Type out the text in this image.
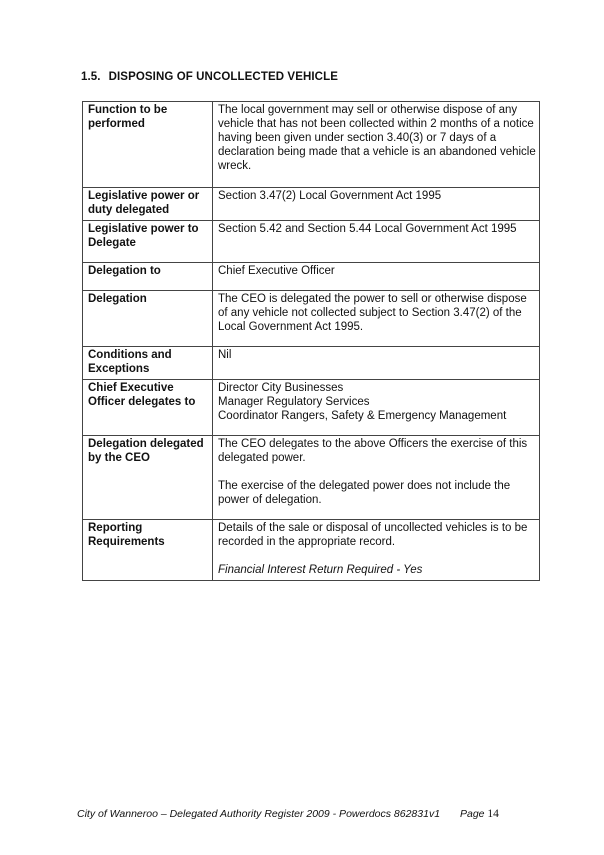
1.5. DISPOSING OF UNCOLLECTED VEHICLE
Function to be performed	The local government may sell or otherwise dispose of any vehicle that has not been collected within 2 months of a notice having been given under section 3.40(3) or 7 days of a declaration being made that a vehicle is an abandoned vehicle wreck.

Legislative power or duty delegated	Section 3.47(2) Local Government Act 1995

Legislative power to Delegate	Section 5.42 and Section 5.44 Local Government Act 1995

Delegation to	Chief Executive Officer

Delegation	The CEO is delegated the power to sell or otherwise dispose of any vehicle not collected subject to Section 3.47(2) of the Local Government Act 1995.

Conditions and Exceptions	Nil

Chief Executive Officer delegates to	Director City Businesses
Manager Regulatory Services
Coordinator Rangers, Safety & Emergency Management

Delegation delegated by the CEO	The CEO delegates to the above Officers the exercise of this delegated power.

The exercise of the delegated power does not include the power of delegation.

Reporting Requirements	Details of the sale or disposal of uncollected vehicles is to be recorded in the appropriate record.

Financial Interest Return Required - Yes

City of Wanneroo – Delegated Authority Register 2009 - Powerdocs 862831v1 Page 14
